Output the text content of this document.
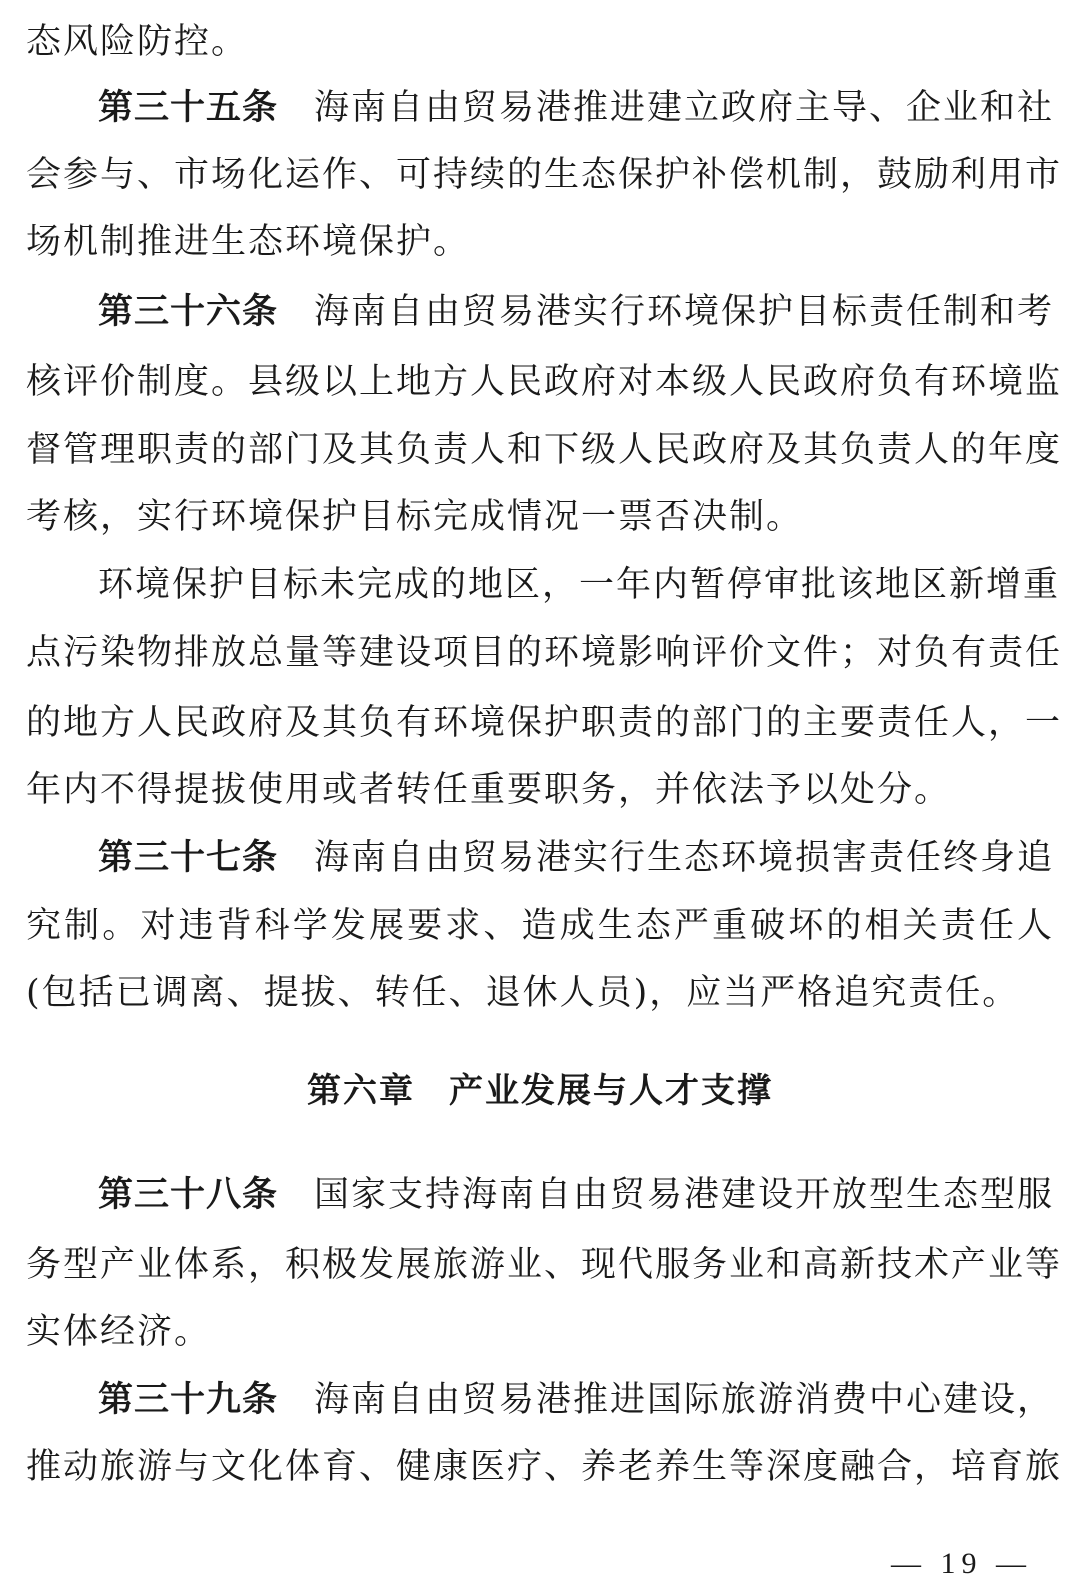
态风险防控。
第三十五条 海南自由贸易港推进建立政府主导、企业和社
会参与、市场化运作、可持续的生态保护补偿机制，鼓励利用市
场机制推进生态环境保护。
第三十六条 海南自由贸易港实行环境保护目标责任制和考
核评价制度。县级以上地方人民政府对本级人民政府负有环境监
督管理职责的部门及其负责人和下级人民政府及其负责人的年度
考核，实行环境保护目标完成情况一票否决制。
环境保护目标未完成的地区，一年内暂停审批该地区新增重
点污染物排放总量等建设项目的环境影响评价文件；对负有责任
的地方人民政府及其负有环境保护职责的部门的主要责任人，一
年内不得提拔使用或者转任重要职务，并依法予以处分。
第三十七条 海南自由贸易港实行生态环境损害责任终身追
究制。对违背科学发展要求、造成生态严重破坏的相关责任人
(包括已调离、提拔、转任、退休人员)，应当严格追究责任。
第六章 产业发展与人才支撑
第三十八条 国家支持海南自由贸易港建设开放型生态型服
务型产业体系，积极发展旅游业、现代服务业和高新技术产业等
实体经济。
第三十九条 海南自由贸易港推进国际旅游消费中心建设，
推动旅游与文化体育、健康医疗、养老养生等深度融合，培育旅
— 19 —
